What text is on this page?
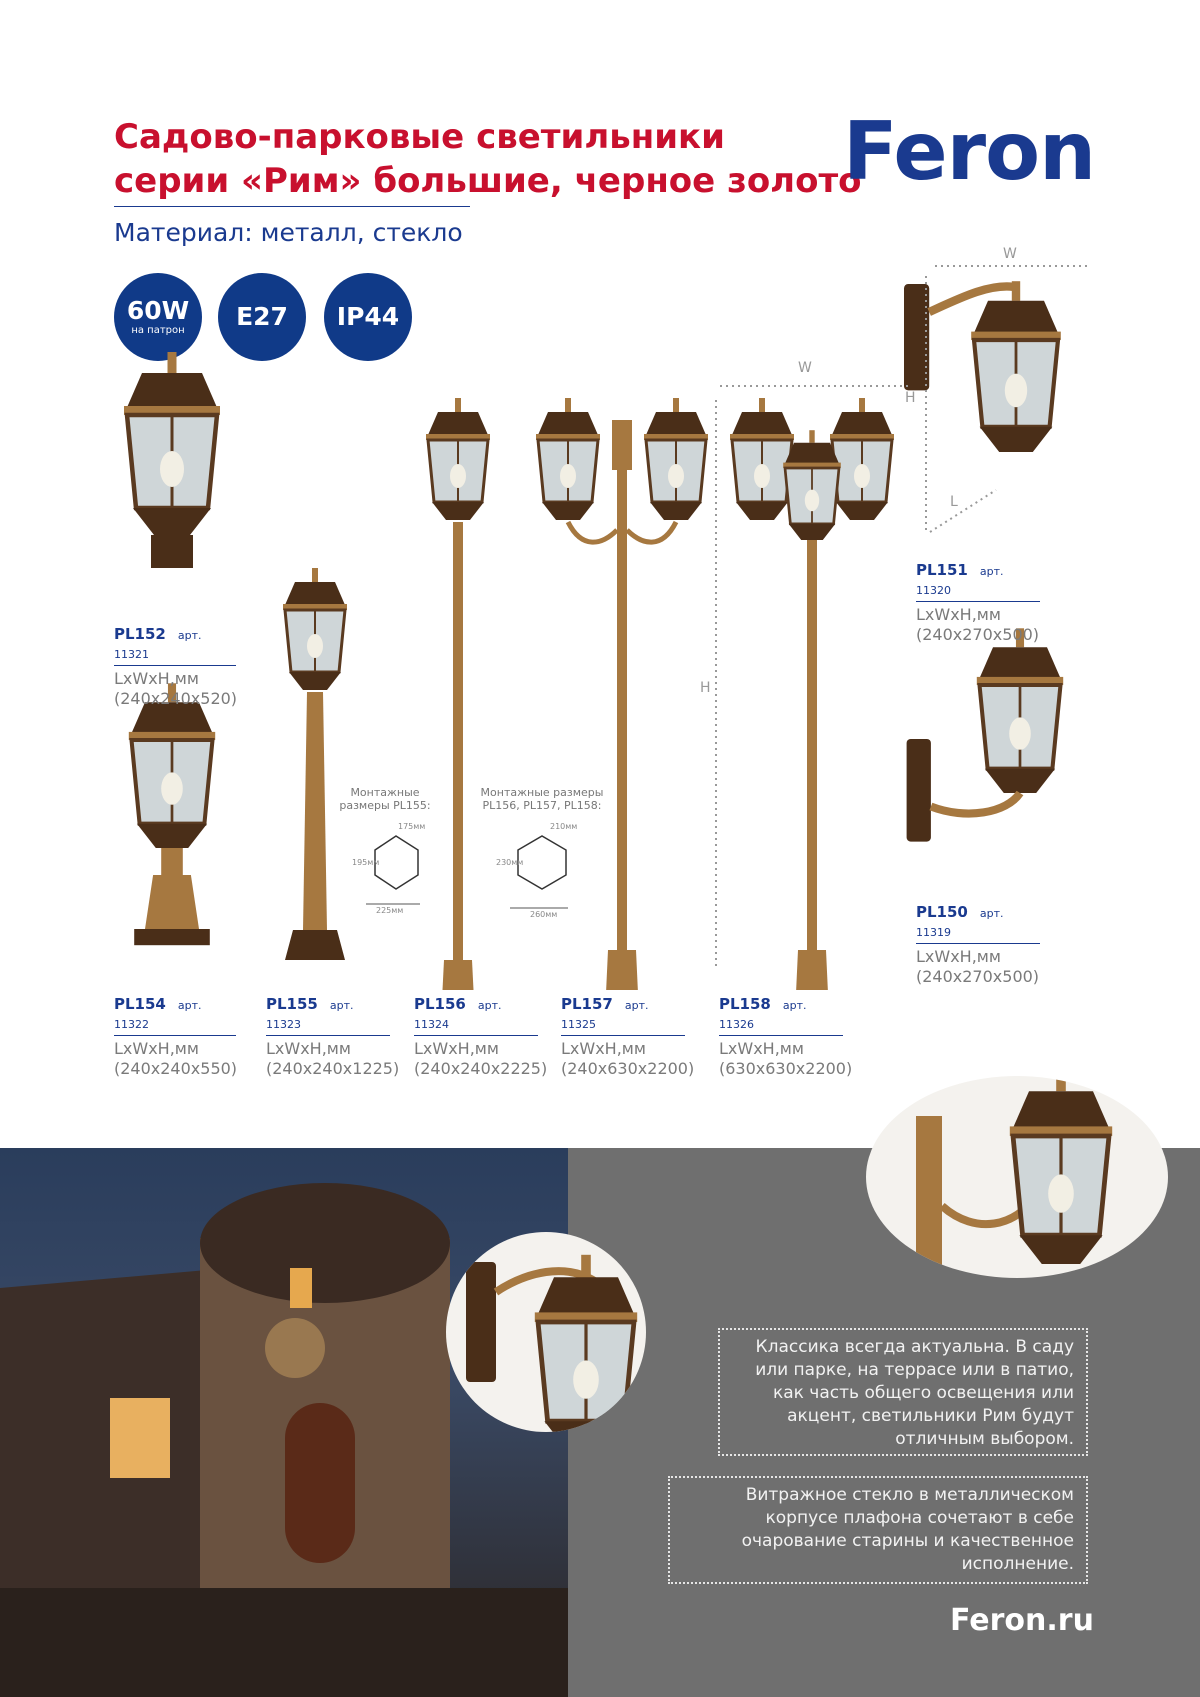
Садово-парковые светильники
серии «Рим» большие, черное золото
Материал: металл, стекло
Feron
60W
на патрон	E27	IP44
W
H
W
H
L
Монтажные размеры PL155:
Монтажные размеры PL156, PL157, PL158:
175мм
195мм
225мм
210мм
230мм
260мм
PL152 арт. 11321
LxWxH,мм
(240x240x520)
PL154 арт. 11322
LxWxH,мм
(240x240x550)
PL155 арт. 11323
LxWxH,мм
(240x240x1225)
PL156 арт. 11324
LxWxH,мм
(240x240x2225)
PL157 арт. 11325
LxWxH,мм
(240x630x2200)
PL158 арт. 11326
LxWxH,мм
(630x630x2200)
PL151 арт. 11320
LxWxH,мм
(240x270x500)
PL150 арт. 11319
LxWxH,мм
(240x270x500)
Классика всегда актуальна. В саду или парке, на террасе или в патио, как часть общего освещения или акцент, светильники Рим будут отличным выбором.
Витражное стекло в металлическом корпусе плафона сочетают в себе очарование старины и качественное исполнение.
Feron.ru
